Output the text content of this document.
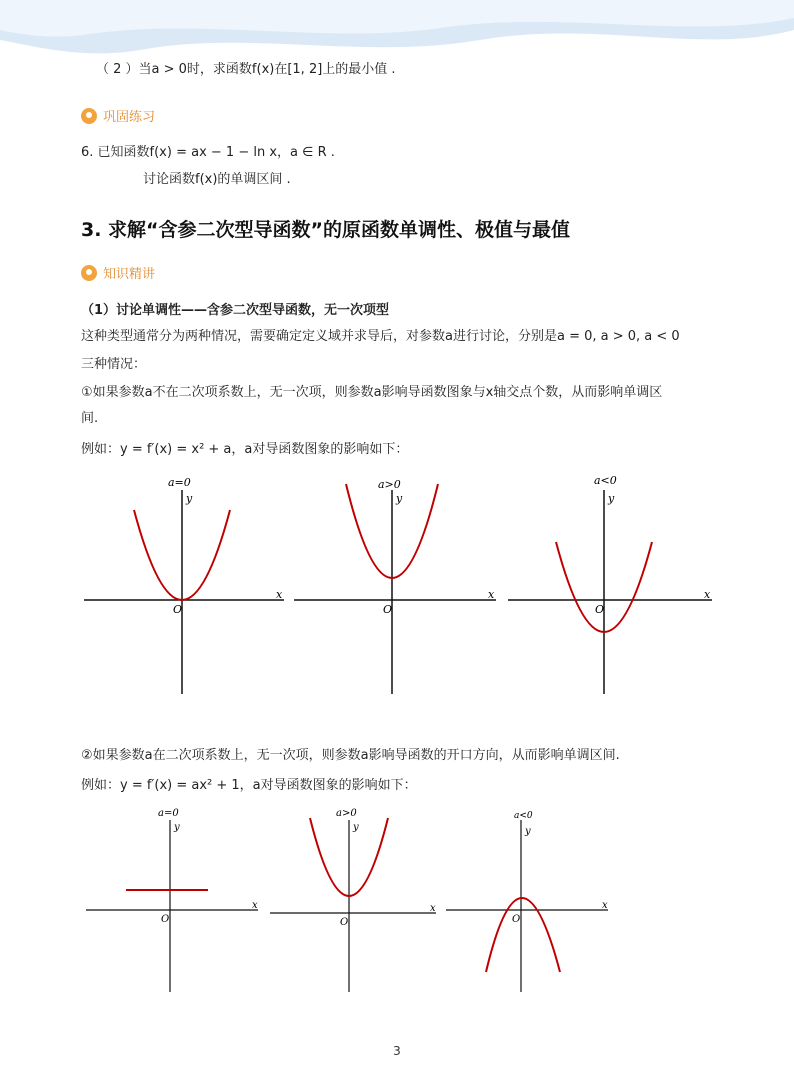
（ 2 ）当a > 0时，求函数f(x)在[1, 2]上的最小值 .
巩固练习
6. 已知函数f(x) = ax − 1 − ln x，a ∈ R .
讨论函数f(x)的单调区间 .
3. 求解“含参二次型导函数”的原函数单调性、极值与最值
知识精讲
（1）讨论单调性——含参二次型导函数，无一次项型
这种类型通常分为两种情况，需要确定定义域并求导后，对参数a进行讨论，分别是a = 0, a > 0, a < 0
三种情况：
①如果参数a不在二次项系数上，无一次项，则参数a影响导函数图象与x轴交点个数，从而影响单调区
间.
例如：y = f′(x) = x² + a，a对导函数图象的影响如下：
a=0
y
x
O
a>0
y
x
O
a<0
y
x
O
②如果参数a在二次项系数上，无一次项，则参数a影响导函数的开口方向，从而影响单调区间.
例如：y = f′(x) = ax² + 1，a对导函数图象的影响如下：
a=0
y
x
O
a>0
y
x
O
a<0
y
x
O
3
